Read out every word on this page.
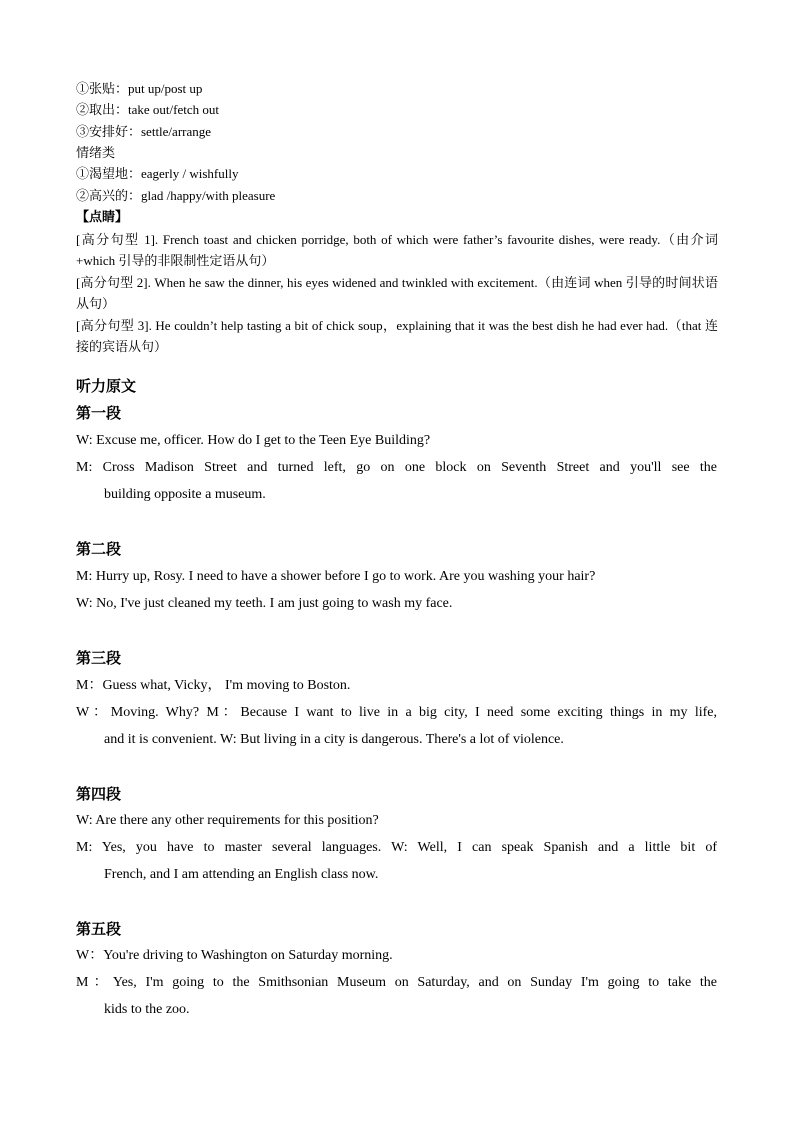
①张贴：put up/post up
②取出：take out/fetch out
③安排好：settle/arrange
情绪类
①渴望地：eagerly / wishfully
②高兴的：glad /happy/with pleasure
【点睛】
[高分句型 1]. French toast and chicken porridge, both of which were father’s favourite dishes, were ready.（由介词+which 引导的非限制性定语从句）
[高分句型 2]. When he saw the dinner, his eyes widened and twinkled with excitement.（由连词 when 引导的时间状语从句）
[高分句型 3]. He couldn’t help tasting a bit of chick soup，explaining that it was the best dish he had ever had.（that 连接的宾语从句）
听力原文
第一段
W: Excuse me, officer. How do I get to the Teen Eye Building?
M: Cross Madison Street and turned left, go on one block on Seventh Street and you'll see the
building opposite a museum.
第二段
M: Hurry up, Rosy. I need to have a shower before I go to work. Are you washing your hair?
W: No, I've just cleaned my teeth. I am just going to wash my face.
第三段
M：Guess what, Vicky， I'm moving to Boston.
W：Moving. Why? M：Because I want to live in a big city, I need some exciting things in my life,
and it is convenient. W: But living in a city is dangerous. There's a lot of violence.
第四段
W: Are there any other requirements for this position?
M: Yes, you have to master several languages. W: Well, I can speak Spanish and a little bit of
French, and I am attending an English class now.
第五段
W：You're driving to Washington on Saturday morning.
M：Yes, I'm going to the Smithsonian Museum on Saturday, and on Sunday I'm going to take the
kids to the zoo.
